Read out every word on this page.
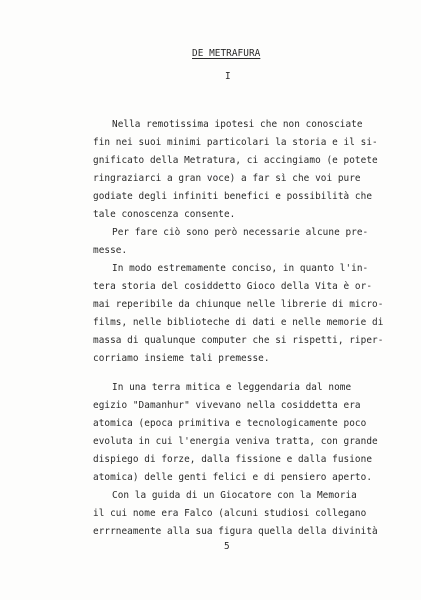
DE METRAFURA
I
Nella remotissima ipotesi che non conosciate
fin nei suoi minimi particolari la storia e il si-
gnificato della Metratura, ci accingiamo (e potete
ringraziarci a gran voce) a far sì che voi pure
godiate degli infiniti benefici e possibilità che
tale conoscenza consente.
Per fare ciò sono però necessarie alcune pre-
messe.
In modo estremamente conciso, in quanto l'in-
tera storia del cosiddetto Gioco della Vita è or-
mai reperibile da chiunque nelle librerie di micro-
films, nelle biblioteche di dati e nelle memorie di
massa di qualunque computer che si rispetti, riper-
corriamo insieme tali premesse.
In una terra mitica e leggendaria dal nome
egizio "Damanhur" vivevano nella cosiddetta era
atomica (epoca primitiva e tecnologicamente poco
evoluta in cui l'energia veniva tratta, con grande
dispiego di forze, dalla fissione e dalla fusione
atomica) delle genti felici e di pensiero aperto.
Con la guida di un Giocatore con la Memoria
il cui nome era Falco (alcuni studiosi collegano
errrneamente alla sua figura quella della divinità
5
